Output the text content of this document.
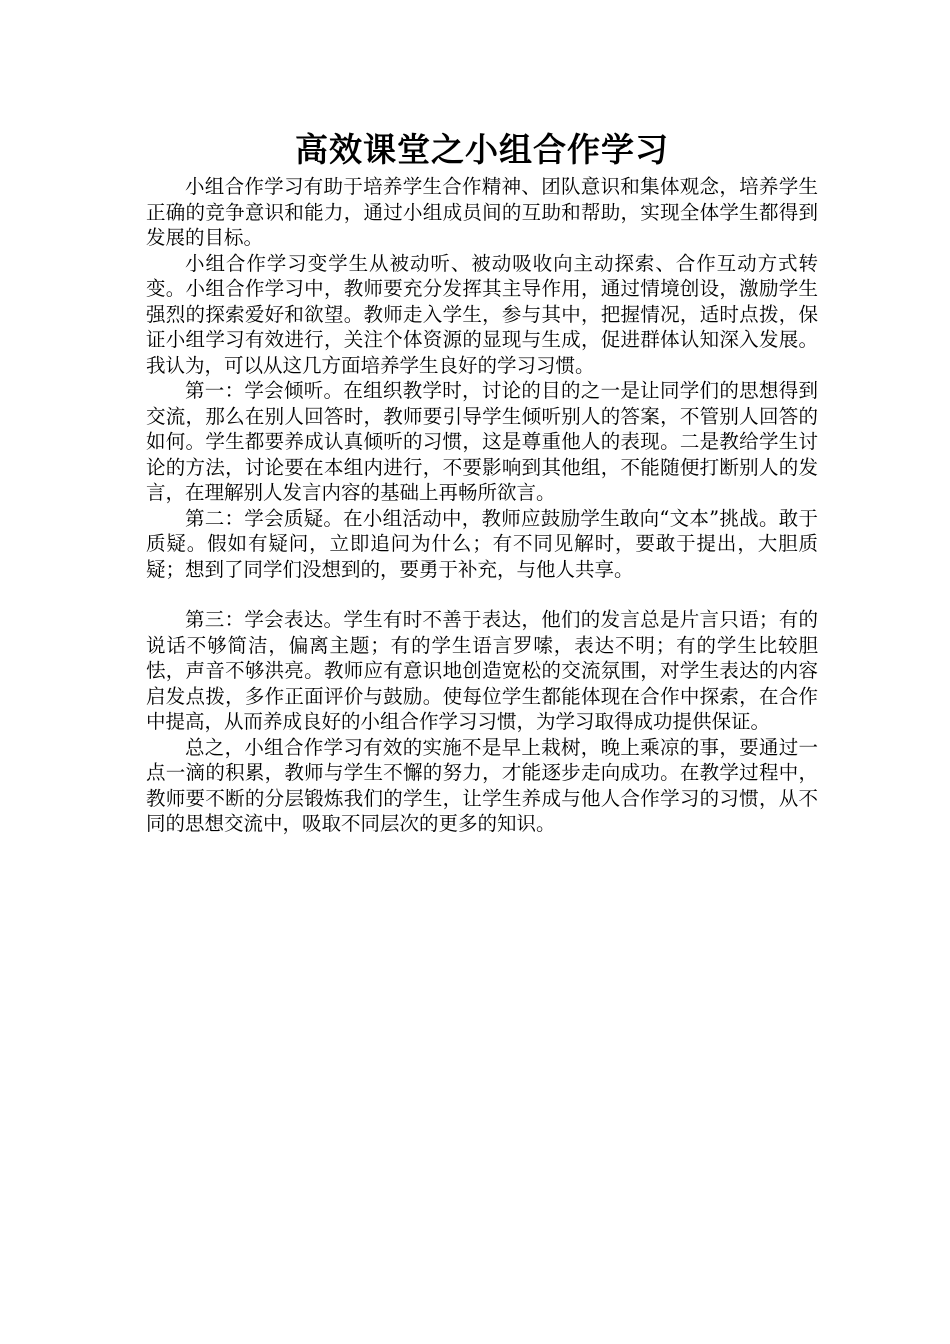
高效课堂之小组合作学习

小组合作学习有助于培养学生合作精神、团队意识和集体观念，培养学生正确的竞争意识和能力，通过小组成员间的互助和帮助，实现全体学生都得到发展的目标。

小组合作学习变学生从被动听、被动吸收向主动探索、合作互动方式转变。小组合作学习中，教师要充分发挥其主导作用，通过情境创设，激励学生强烈的探索爱好和欲望。教师走入学生，参与其中，把握情况，适时点拨，保证小组学习有效进行，关注个体资源的显现与生成，促进群体认知深入发展。我认为，可以从这几方面培养学生良好的学习习惯。

第一：学会倾听。在组织教学时，讨论的目的之一是让同学们的思想得到交流，那么在别人回答时，教师要引导学生倾听别人的答案，不管别人回答的如何。学生都要养成认真倾听的习惯，这是尊重他人的表现。二是教给学生讨论的方法，讨论要在本组内进行，不要影响到其他组，不能随便打断别人的发言，在理解别人发言内容的基础上再畅所欲言。

第二：学会质疑。在小组活动中，教师应鼓励学生敢向“文本”挑战。敢于质疑。假如有疑问，立即追问为什么；有不同见解时，要敢于提出，大胆质疑；想到了同学们没想到的，要勇于补充，与他人共享。

第三：学会表达。学生有时不善于表达，他们的发言总是片言只语；有的说话不够简洁，偏离主题；有的学生语言罗嗦，表达不明；有的学生比较胆怯，声音不够洪亮。教师应有意识地创造宽松的交流氛围，对学生表达的内容启发点拨，多作正面评价与鼓励。使每位学生都能体现在合作中探索，在合作中提高，从而养成良好的小组合作学习习惯，为学习取得成功提供保证。

总之，小组合作学习有效的实施不是早上栽树，晚上乘凉的事，要通过一点一滴的积累，教师与学生不懈的努力，才能逐步走向成功。在教学过程中，教师要不断的分层锻炼我们的学生，让学生养成与他人合作学习的习惯，从不同的思想交流中，吸取不同层次的更多的知识。
